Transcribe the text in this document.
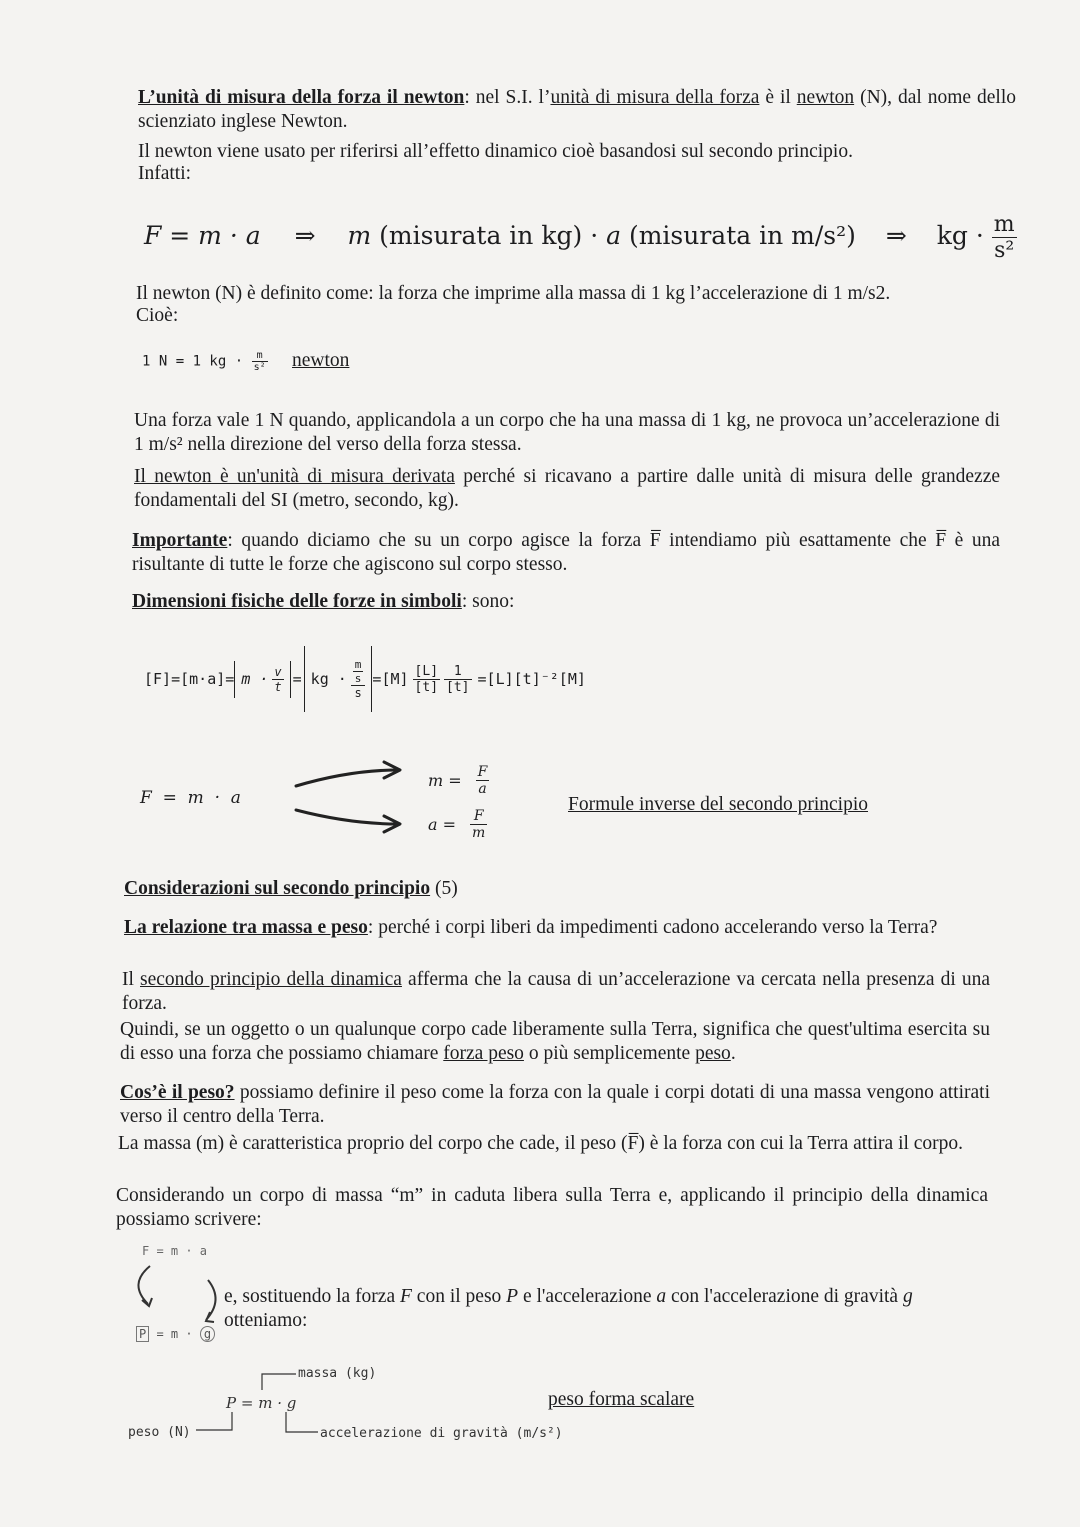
L’unità di misura della forza il newton: nel S.I. l’unità di misura della forza è il newton (N), dal nome dello scienziato inglese Newton.
Il newton viene usato per riferirsi all’effetto dinamico cioè basandosi sul secondo principio.
Infatti:
F = m · a ⇒ m (misurata in kg) · a (misurata in m/s²) ⇒ kg · $\frac{m}{\text{s²}}$
Il newton (N) è definito come: la forza che imprime alla massa di 1 kg l’accelerazione di 1 m/s2.
Cioè:
1 N = 1 kg · $\frac{m}{\text{s²}}$ newton
Una forza vale 1 N quando, applicandola a un corpo che ha una massa di 1 kg, ne provoca un’accelerazione di 1 m/s² nella direzione del verso della forza stessa.
Il newton è un'unità di misura derivata perché si ricavano a partire dalle unità di misura delle grandezze fondamentali del SI (metro, secondo, kg).
Importante: quando diciamo che su un corpo agisce la forza F̅ intendiamo più esattamente che F̅ è una risultante di tutte le forze che agiscono sul corpo stesso.
Dimensioni fisiche delle forze in simboli: sono:
$[F]=[m\cdot a]= m \cdot \frac{v}{t}$ = kg · $\frac{\frac{m}{s}}{s} =[M] \frac{[L]}{[t]} \frac{1}{[t]} =[L][t]^{-2}[M]$
F  =  m  ·  a
$m = \frac{F}{a}$
$a = \frac{F}{m}$
Formule inverse del secondo principio
Considerazioni sul secondo principio (5)
La relazione tra massa e peso: perché i corpi liberi da impedimenti cadono accelerando verso la Terra?
Il secondo principio della dinamica afferma che la causa di un’accelerazione va cercata nella presenza di una forza.
Quindi, se un oggetto o un qualunque corpo cade liberamente sulla Terra, significa che quest'ultima esercita su di esso una forza che possiamo chiamare forza peso o più semplicemente peso.
Cos’è il peso? possiamo definire il peso come la forza con la quale i corpi dotati di una massa vengono attirati verso il centro della Terra.
La massa (m) è caratteristica proprio del corpo che cade, il peso (F̅) è la forza con cui la Terra attira il corpo.
Considerando un corpo di massa “m” in caduta libera sulla Terra e, applicando il principio della dinamica possiamo scrivere:
F = m · a
P = m · g
e, sostituendo la forza F con il peso P e l'accelerazione a con l'accelerazione di gravità g otteniamo:
massa (kg)
P = m · g
peso (N)	accelerazione di gravità (m/s²)
peso forma scalare
